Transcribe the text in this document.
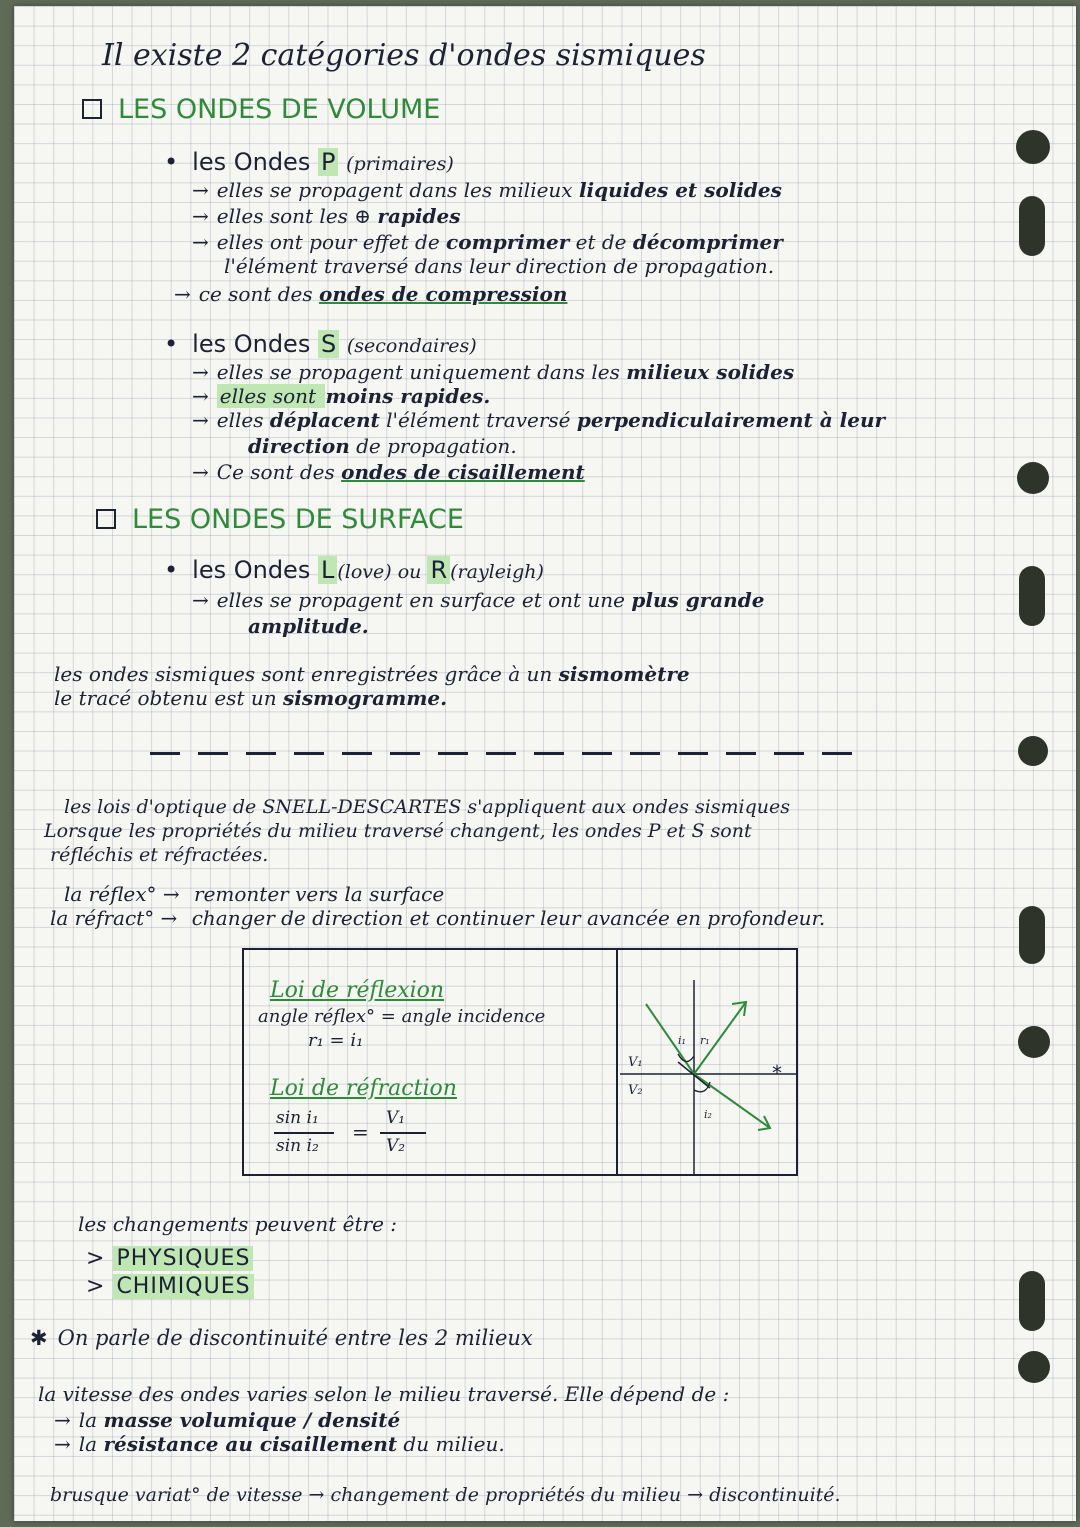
Il existe 2 catégories d'ondes sismiques
LES ONDES DE VOLUME
• les Ondes P (primaires)
→ elles se propagent dans les milieux liquides et solides
→ elles sont les ⊕ rapides
→ elles ont pour effet de comprimer et de décomprimer
l'élément traversé dans leur direction de propagation.
→ ce sont des ondes de compression
• les Ondes S (secondaires)
→ elles se propagent uniquement dans les milieux solides
→ elles sont moins rapides.
→ elles déplacent l'élément traversé perpendiculairement à leur
direction de propagation.
→ Ce sont des ondes de cisaillement
LES ONDES DE SURFACE
• les Ondes L (love) ou R (rayleigh)
→ elles se propagent en surface et ont une plus grande
amplitude.
les ondes sismiques sont enregistrées grâce à un sismomètre
le tracé obtenu est un sismogramme.
les lois d'optique de SNELL-DESCARTES s'appliquent aux ondes sismiques
Lorsque les propriétés du milieu traversé changent, les ondes P et S sont
réfléchis et réfractées.
la réflex° → remonter vers la surface
la réfract° → changer de direction et continuer leur avancée en profondeur.
Loi de réflexion
angle réflex° = angle incidence
r₁ = i₁
Loi de réfraction
sin i₁
sin i₂
=
V₁
V₂
i₁ r₁
V₁
V₂
i₂
*
les changements peuvent être :
> PHYSIQUES
> CHIMIQUES
✱ On parle de discontinuité entre les 2 milieux
la vitesse des ondes varies selon le milieu traversé. Elle dépend de :
→ la masse volumique / densité
→ la résistance au cisaillement du milieu.
brusque variat° de vitesse → changement de propriétés du milieu → discontinuité.
